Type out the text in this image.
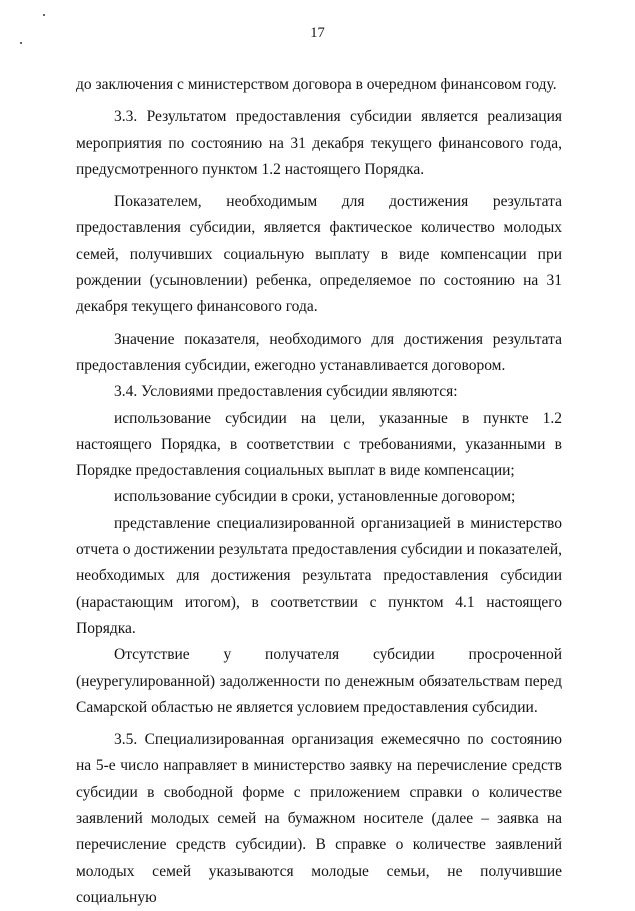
17

до заключения с министерством договора в очередном финансовом году.

3.3. Результатом предоставления субсидии является реализация мероприятия по состоянию на 31 декабря текущего финансового года, предусмотренного пунктом 1.2 настоящего Порядка.

Показателем, необходимым для достижения результата предоставления субсидии, является фактическое количество молодых семей, получивших социальную выплату в виде компенсации при рождении (усыновлении) ребенка, определяемое по состоянию на 31 декабря текущего финансового года.

Значение показателя, необходимого для достижения результата предоставления субсидии, ежегодно устанавливается договором.

3.4. Условиями предоставления субсидии являются:

использование субсидии на цели, указанные в пункте 1.2 настоящего Порядка, в соответствии с требованиями, указанными в Порядке предоставления социальных выплат в виде компенсации;

использование субсидии в сроки, установленные договором;

представление специализированной организацией в министерство отчета о достижении результата предоставления субсидии и показателей, необходимых для достижения результата предоставления субсидии (нарастающим итогом), в соответствии с пунктом 4.1 настоящего Порядка.

Отсутствие у получателя субсидии просроченной (неурегулированной) задолженности по денежным обязательствам перед Самарской областью не является условием предоставления субсидии.

3.5. Специализированная организация ежемесячно по состоянию на 5-е число направляет в министерство заявку на перечисление средств субсидии в свободной форме с приложением справки о количестве заявлений молодых семей на бумажном носителе (далее – заявка на перечисление средств субсидии). В справке о количестве заявлений молодых семей указываются молодые семьи, не получившие социальную
